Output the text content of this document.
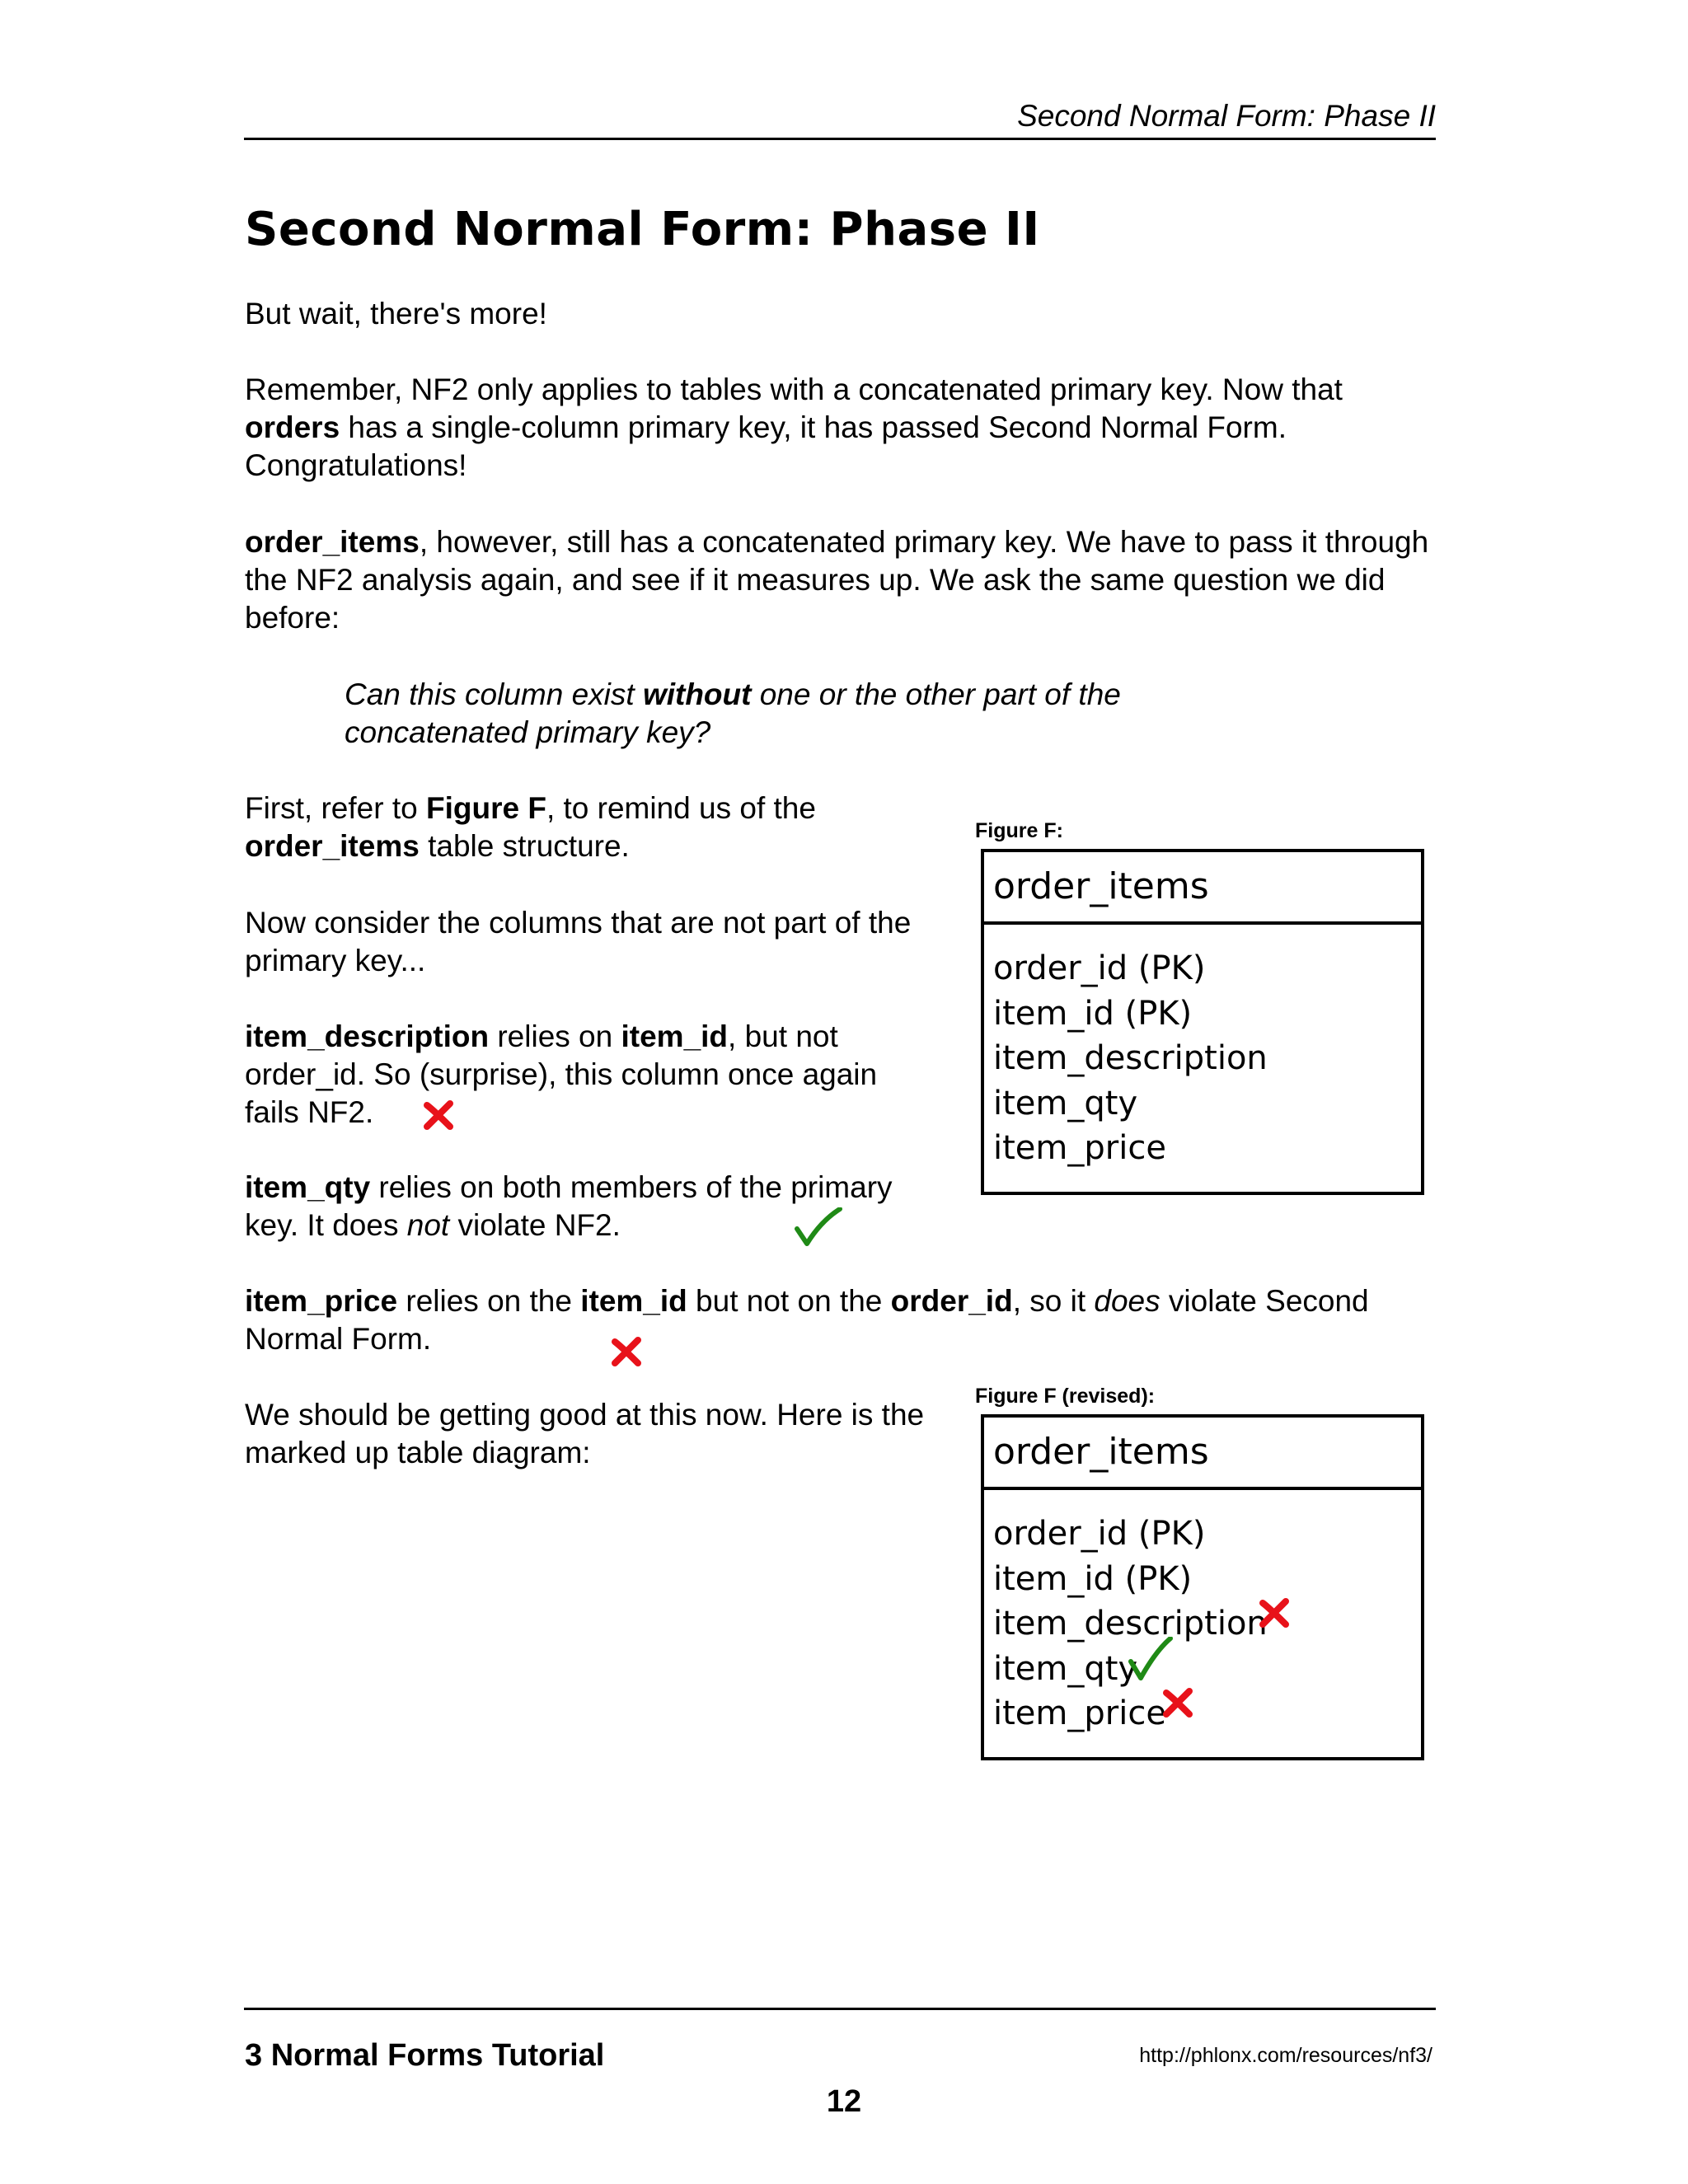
Second Normal Form: Phase II
Second Normal Form: Phase II

But wait, there's more!

Remember, NF2 only applies to tables with a concatenated primary key. Now that orders has a single-column primary key, it has passed Second Normal Form. Congratulations!

order_items, however, still has a concatenated primary key. We have to pass it through the NF2 analysis again, and see if it measures up. We ask the same question we did before:

Can this column exist without one or the other part of the concatenated primary key?

First, refer to Figure F, to remind us of the order_items table structure.

Now consider the columns that are not part of the primary key...

item_description relies on item_id, but not order_id. So (surprise), this column once again fails NF2.

item_qty relies on both members of the primary key. It does not violate NF2.

item_price relies on the item_id but not on the order_id, so it does violate Second Normal Form.

We should be getting good at this now. Here is the marked up table diagram:

Figure F:
order_items
order_id (PK)
item_id (PK)
item_description
item_qty
item_price
Figure F (revised):
order_items
order_id (PK)
item_id (PK)
item_description
item_qty
item_price
3 Normal Forms Tutorial	http://phlonx.com/resources/nf3/
12
